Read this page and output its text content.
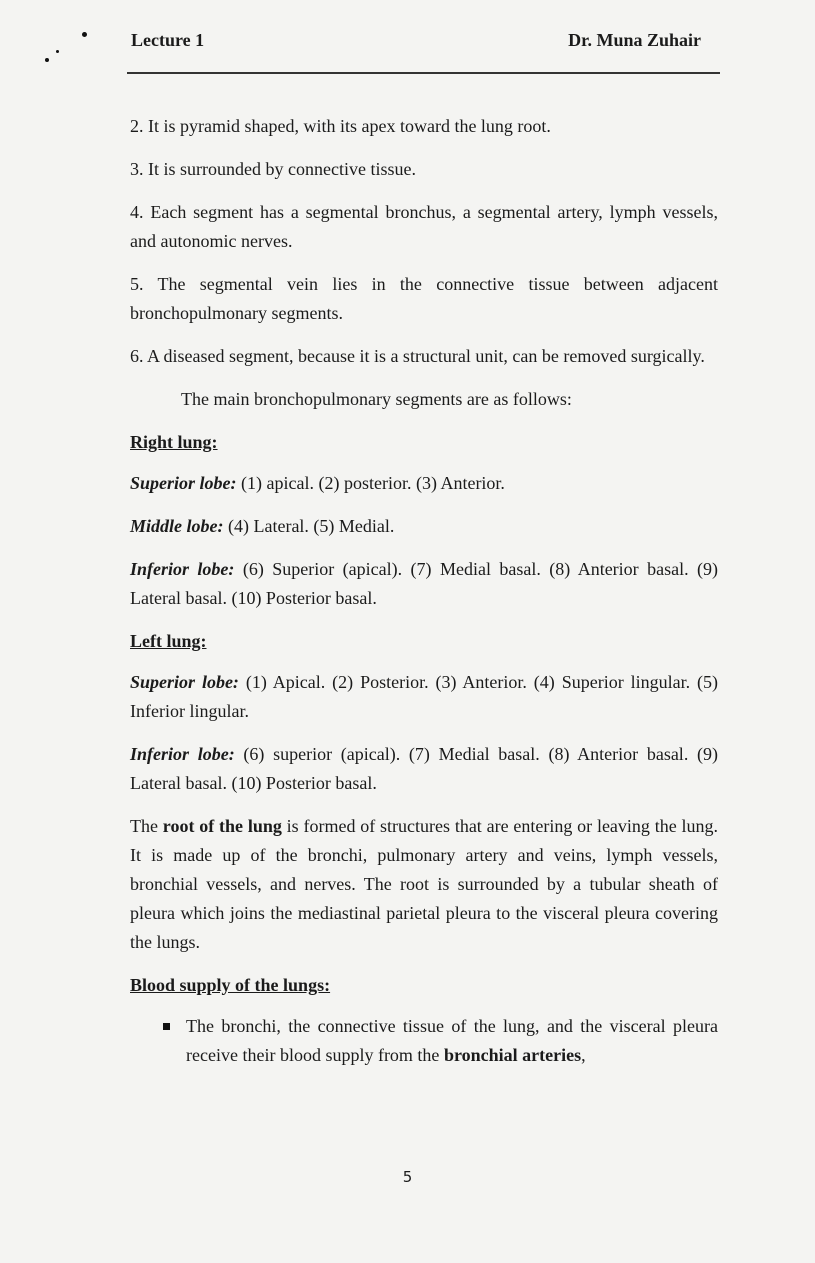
Lecture 1	Dr. Muna Zuhair

2. It is pyramid shaped, with its apex toward the lung root.

3. It is surrounded by connective tissue.

4. Each segment has a segmental bronchus, a segmental artery, lymph vessels, and autonomic nerves.

5. The segmental vein lies in the connective tissue between adjacent bronchopulmonary segments.

6. A diseased segment, because it is a structural unit, can be removed surgically.

The main bronchopulmonary segments are as follows:

Right lung:

Superior lobe: (1) apical. (2) posterior. (3) Anterior.

Middle lobe: (4) Lateral. (5) Medial.

Inferior lobe: (6) Superior (apical). (7) Medial basal. (8) Anterior basal. (9) Lateral basal. (10) Posterior basal.

Left lung:

Superior lobe: (1) Apical. (2) Posterior. (3) Anterior. (4) Superior lingular. (5) Inferior lingular.

Inferior lobe: (6) superior (apical). (7) Medial basal. (8) Anterior basal. (9) Lateral basal. (10) Posterior basal.

The root of the lung is formed of structures that are entering or leaving the lung. It is made up of the bronchi, pulmonary artery and veins, lymph vessels, bronchial vessels, and nerves. The root is surrounded by a tubular sheath of pleura which joins the mediastinal parietal pleura to the visceral pleura covering the lungs.

Blood supply of the lungs:

The bronchi, the connective tissue of the lung, and the visceral pleura receive their blood supply from the bronchial arteries,
5
